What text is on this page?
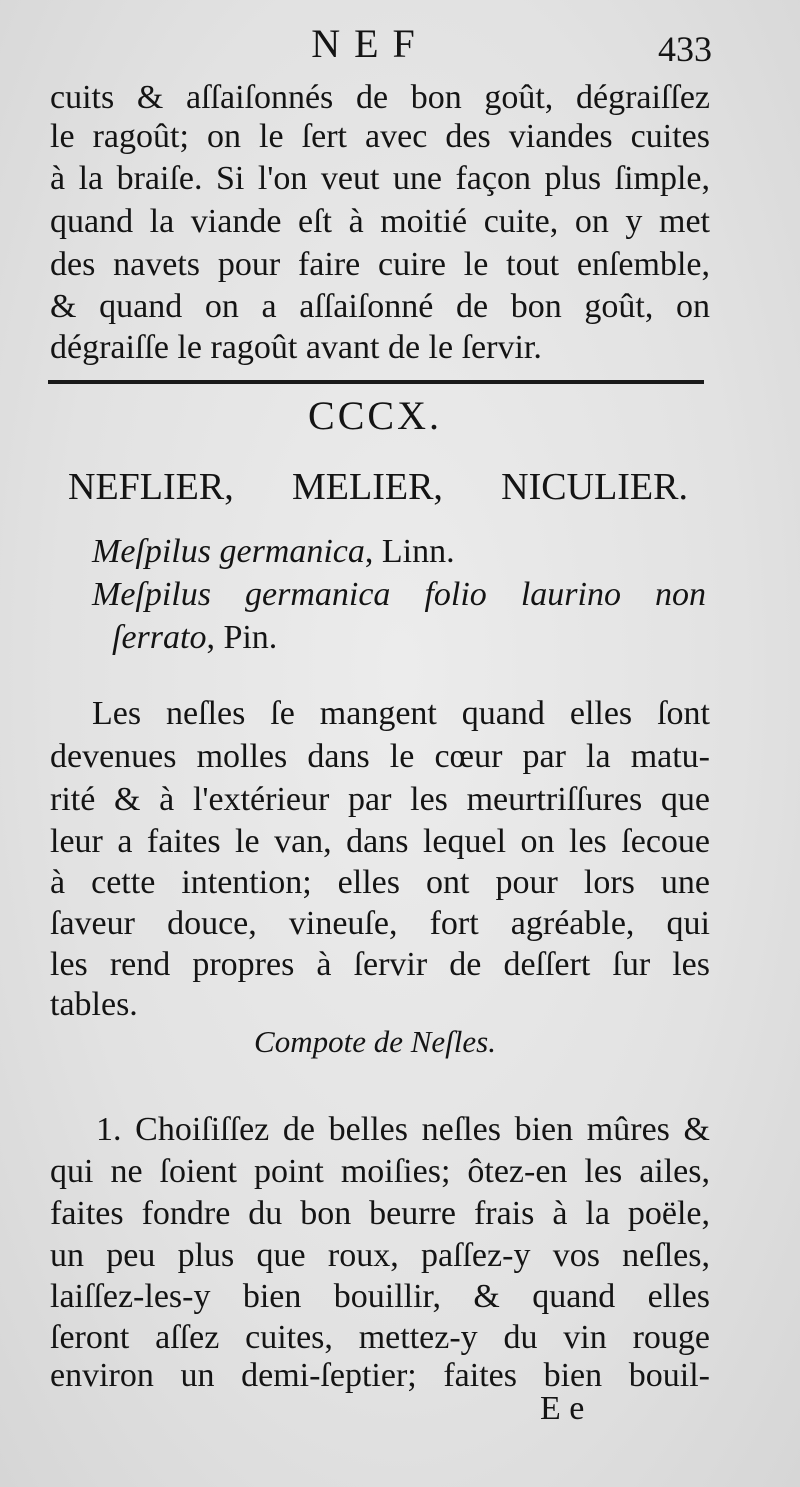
NEF	433
cuits & aſſaiſonnés de bon goût, dégraiſſez
le ragoût; on le ſert avec des viandes cuites
à la braiſe. Si l'on veut une façon plus ſimple,
quand la viande eſt à moitié cuite, on y met
des navets pour faire cuire le tout enſemble,
& quand on a aſſaiſonné de bon goût, on
dégraiſſe le ragoût avant de le ſervir.
CCCX.
NEFLIER, MELIER, NICULIER.
Meſpilus germanica, Linn.
Meſpilus germanica folio laurino non
ſerrato, Pin.
Les neſles ſe mangent quand elles ſont
devenues molles dans le cœur par la matu-
rité & à l'extérieur par les meurtriſſures que
leur a faites le van, dans lequel on les ſecoue
à cette intention; elles ont pour lors une
ſaveur douce, vineuſe, fort agréable, qui
les rend propres à ſervir de deſſert ſur les
tables.
Compote de Neſles.
1. Choiſiſſez de belles neſles bien mûres &
qui ne ſoient point moiſies; ôtez-en les ailes,
faites fondre du bon beurre frais à la poële,
un peu plus que roux, paſſez-y vos neſles,
laiſſez-les-y bien bouillir, & quand elles
ſeront aſſez cuites, mettez-y du vin rouge
environ un demi-ſeptier; faites bien bouil-
E e
